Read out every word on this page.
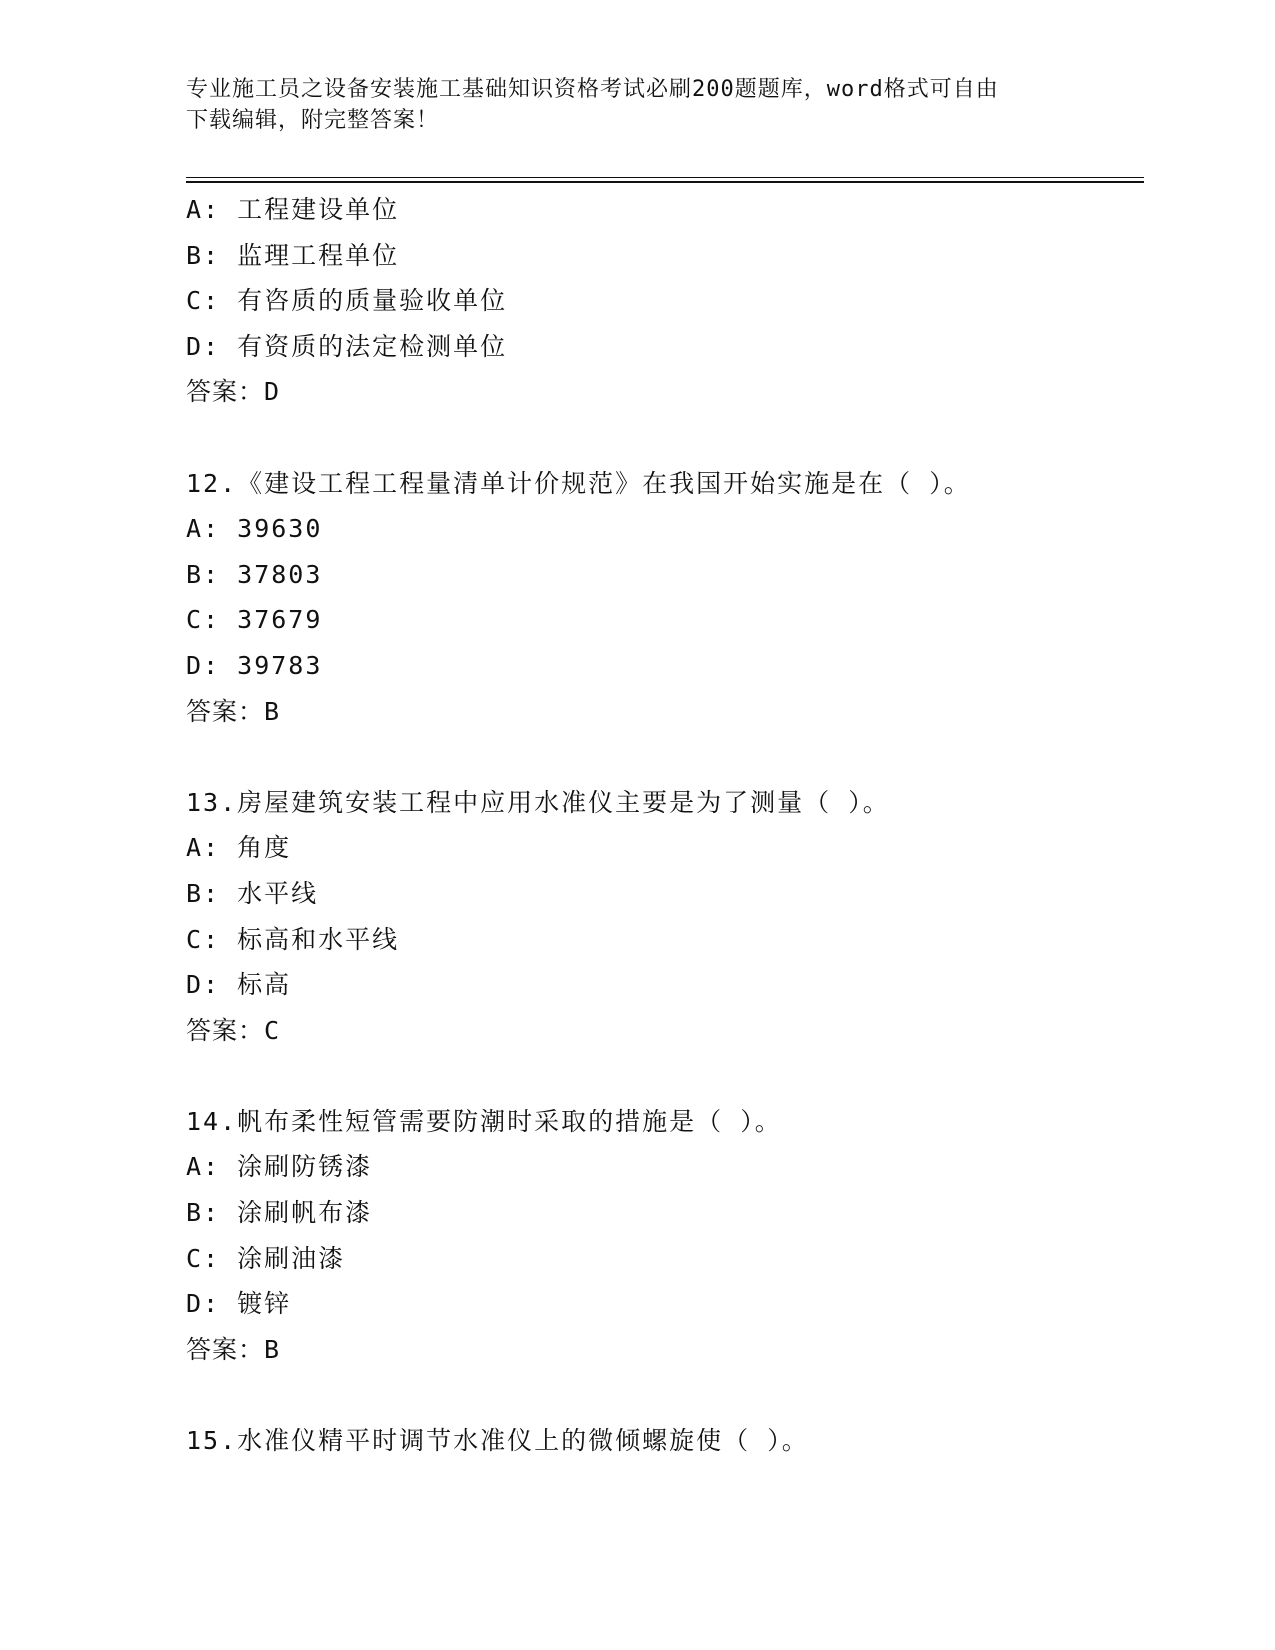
专业施工员之设备安装施工基础知识资格考试必刷200题题库，word格式可自由
下载编辑，附完整答案！
A: 工程建设单位
B: 监理工程单位
C: 有咨质的质量验收单位
D: 有资质的法定检测单位
答案：D
12.《建设工程工程量清单计价规范》在我国开始实施是在（ ）。
A: 39630
B: 37803
C: 37679
D: 39783
答案：B
13.房屋建筑安装工程中应用水准仪主要是为了测量（ ）。
A: 角度
B: 水平线
C: 标高和水平线
D: 标高
答案：C
14.帆布柔性短管需要防潮时采取的措施是（ ）。
A: 涂刷防锈漆
B: 涂刷帆布漆
C: 涂刷油漆
D: 镀锌
答案：B
15.水准仪精平时调节水准仪上的微倾螺旋使（ ）。
